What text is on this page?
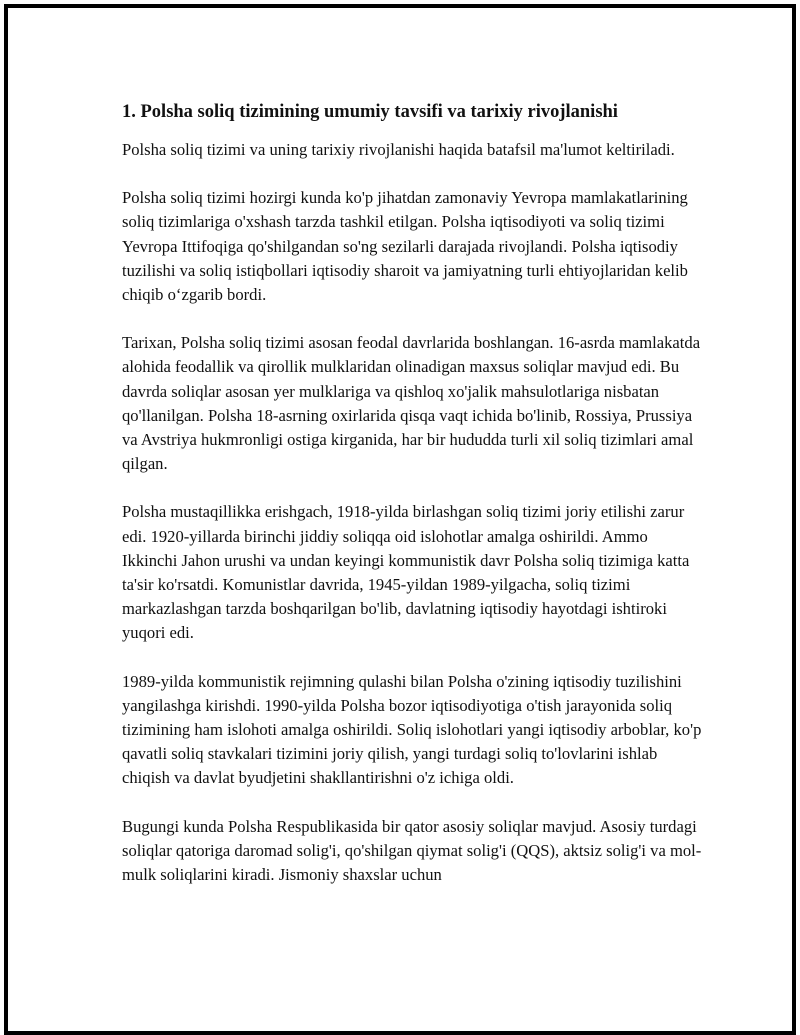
1. Polsha soliq tizimining umumiy tavsifi va tarixiy rivojlanishi

Polsha soliq tizimi va uning tarixiy rivojlanishi haqida batafsil ma'lumot keltiriladi.

Polsha soliq tizimi hozirgi kunda ko'p jihatdan zamonaviy Yevropa mamlakatlarining soliq tizimlariga o'xshash tarzda tashkil etilgan. Polsha iqtisodiyoti va soliq tizimi Yevropa Ittifoqiga qo'shilgandan so'ng sezilarli darajada rivojlandi. Polsha iqtisodiy tuzilishi va soliq istiqbollari iqtisodiy sharoit va jamiyatning turli ehtiyojlaridan kelib chiqib o‘zgarib bordi.

Tarixan, Polsha soliq tizimi asosan feodal davrlarida boshlangan. 16-asrda mamlakatda alohida feodallik va qirollik mulklaridan olinadigan maxsus soliqlar mavjud edi. Bu davrda soliqlar asosan yer mulklariga va qishloq xo'jalik mahsulotlariga nisbatan qo'llanilgan. Polsha 18-asrning oxirlarida qisqa vaqt ichida bo'linib, Rossiya, Prussiya va Avstriya hukmronligi ostiga kirganida, har bir hududda turli xil soliq tizimlari amal qilgan.

Polsha mustaqillikka erishgach, 1918-yilda birlashgan soliq tizimi joriy etilishi zarur edi. 1920-yillarda birinchi jiddiy soliqqa oid islohotlar amalga oshirildi. Ammo Ikkinchi Jahon urushi va undan keyingi kommunistik davr Polsha soliq tizimiga katta ta'sir ko'rsatdi. Komunistlar davrida, 1945-yildan 1989-yilgacha, soliq tizimi markazlashgan tarzda boshqarilgan bo'lib, davlatning iqtisodiy hayotdagi ishtiroki yuqori edi.

1989-yilda kommunistik rejimning qulashi bilan Polsha o'zining iqtisodiy tuzilishini yangilashga kirishdi. 1990-yilda Polsha bozor iqtisodiyotiga o'tish jarayonida soliq tizimining ham islohoti amalga oshirildi. Soliq islohotlari yangi iqtisodiy arboblar, ko'p qavatli soliq stavkalari tizimini joriy qilish, yangi turdagi soliq to'lovlarini ishlab chiqish va davlat byudjetini shakllantirishni o'z ichiga oldi.

Bugungi kunda Polsha Respublikasida bir qator asosiy soliqlar mavjud. Asosiy turdagi soliqlar qatoriga daromad solig'i, qo'shilgan qiymat solig'i (QQS), aktsiz solig'i va mol-mulk soliqlarini kiradi. Jismoniy shaxslar uchun
